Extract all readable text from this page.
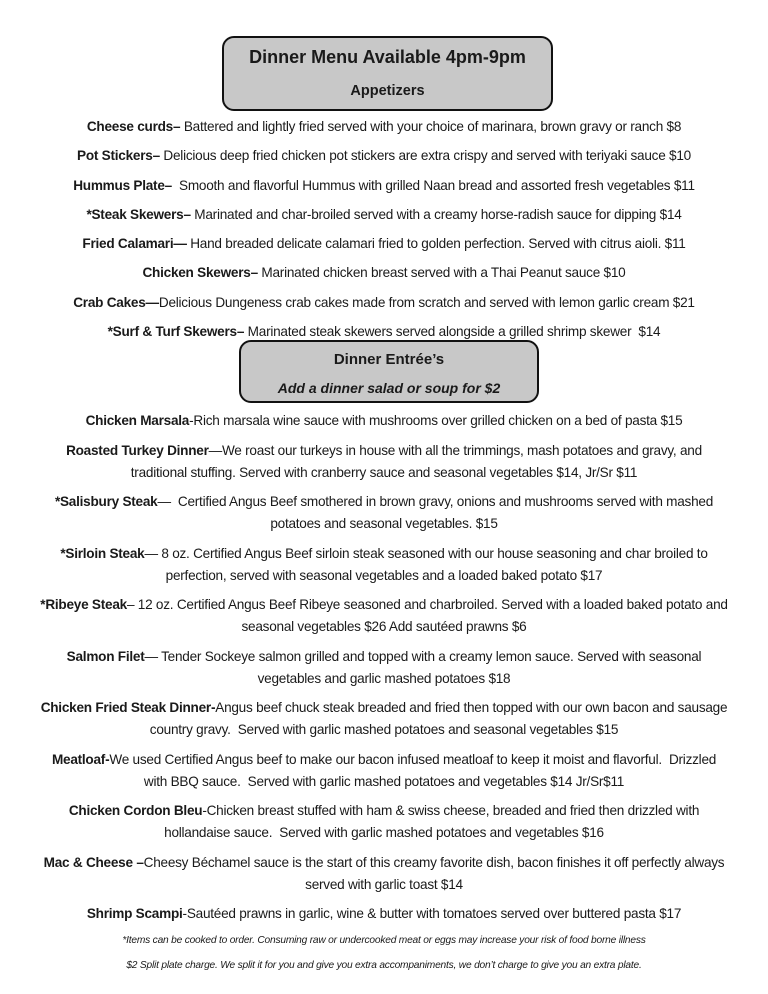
Dinner Menu Available 4pm-9pm
Appetizers
Cheese curds– Battered and lightly fried served with your choice of marinara, brown gravy or ranch $8
Pot Stickers– Delicious deep fried chicken pot stickers are extra crispy and served with teriyaki sauce $10
Hummus Plate–  Smooth and flavorful Hummus with grilled Naan bread and assorted fresh vegetables $11
*Steak Skewers– Marinated and char-broiled served with a creamy horse-radish sauce for dipping $14
Fried Calamari— Hand breaded delicate calamari fried to golden perfection. Served with citrus aioli. $11
Chicken Skewers– Marinated chicken breast served with a Thai Peanut sauce $10
Crab Cakes—Delicious Dungeness crab cakes made from scratch and served with lemon garlic cream $21
*Surf & Turf Skewers– Marinated steak skewers served alongside a grilled shrimp skewer  $14
Dinner Entrée’s
Add a dinner salad or soup for $2
Chicken Marsala-Rich marsala wine sauce with mushrooms over grilled chicken on a bed of pasta $15
Roasted Turkey Dinner—We roast our turkeys in house with all the trimmings, mash potatoes and gravy, and traditional stuffing. Served with cranberry sauce and seasonal vegetables $14, Jr/Sr $11
*Salisbury Steak—  Certified Angus Beef smothered in brown gravy, onions and mushrooms served with mashed potatoes and seasonal vegetables. $15
*Sirloin Steak— 8 oz. Certified Angus Beef sirloin steak seasoned with our house seasoning and char broiled to perfection, served with seasonal vegetables and a loaded baked potato $17
*Ribeye Steak– 12 oz. Certified Angus Beef Ribeye seasoned and charbroiled. Served with a loaded baked potato and seasonal vegetables $26 Add sautéed prawns $6
Salmon Filet— Tender Sockeye salmon grilled and topped with a creamy lemon sauce. Served with seasonal vegetables and garlic mashed potatoes $18
Chicken Fried Steak Dinner-Angus beef chuck steak breaded and fried then topped with our own bacon and sausage country gravy.  Served with garlic mashed potatoes and seasonal vegetables $15
Meatloaf-We used Certified Angus beef to make our bacon infused meatloaf to keep it moist and flavorful.  Drizzled with BBQ sauce.  Served with garlic mashed potatoes and vegetables $14 Jr/Sr$11
Chicken Cordon Bleu-Chicken breast stuffed with ham & swiss cheese, breaded and fried then drizzled with hollandaise sauce.  Served with garlic mashed potatoes and vegetables $16
Mac & Cheese –Cheesy Béchamel sauce is the start of this creamy favorite dish, bacon finishes it off perfectly always served with garlic toast $14
Shrimp Scampi-Sautéed prawns in garlic, wine & butter with tomatoes served over buttered pasta $17
*Items can be cooked to order. Consuming raw or undercooked meat or eggs may increase your risk of food borne illness
$2 Split plate charge. We split it for you and give you extra accompaniments, we don’t charge to give you an extra plate.
